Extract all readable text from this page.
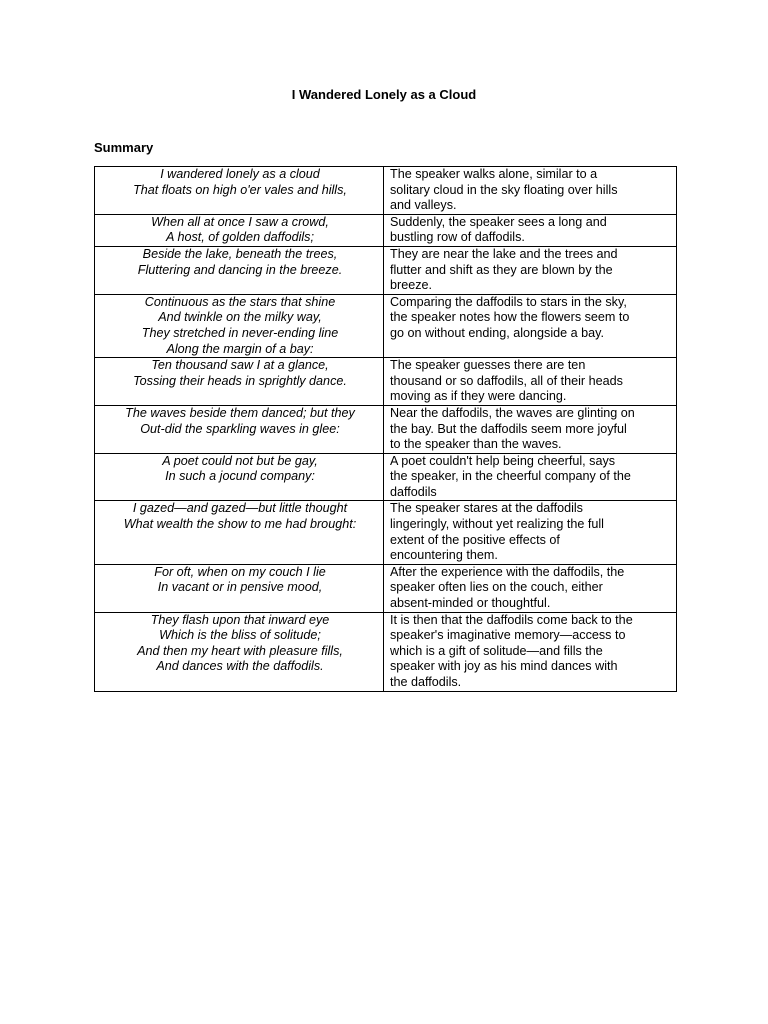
I Wandered Lonely as a Cloud
Summary
I wandered lonely as a cloud
That floats on high o'er vales and hills,	The speaker walks alone, similar to a
solitary cloud in the sky floating over hills
and valleys.

When all at once I saw a crowd,
A host, of golden daffodils;	Suddenly, the speaker sees a long and
bustling row of daffodils.

Beside the lake, beneath the trees,
Fluttering and dancing in the breeze.	They are near the lake and the trees and
flutter and shift as they are blown by the
breeze.

Continuous as the stars that shine
And twinkle on the milky way,
They stretched in never-ending line
Along the margin of a bay:	Comparing the daffodils to stars in the sky,
the speaker notes how the flowers seem to
go on without ending, alongside a bay.

Ten thousand saw I at a glance,
Tossing their heads in sprightly dance.	The speaker guesses there are ten
thousand or so daffodils, all of their heads
moving as if they were dancing.

The waves beside them danced; but they
Out-did the sparkling waves in glee:	Near the daffodils, the waves are glinting on
the bay. But the daffodils seem more joyful
to the speaker than the waves.

A poet could not but be gay,
In such a jocund company:	A poet couldn't help being cheerful, says
the speaker, in the cheerful company of the
daffodils

I gazed—and gazed—but little thought
What wealth the show to me had brought:	The speaker stares at the daffodils
lingeringly, without yet realizing the full
extent of the positive effects of
encountering them.

For oft, when on my couch I lie
In vacant or in pensive mood,	After the experience with the daffodils, the
speaker often lies on the couch, either
absent-minded or thoughtful.

They flash upon that inward eye
Which is the bliss of solitude;
And then my heart with pleasure fills,
And dances with the daffodils.	It is then that the daffodils come back to the
speaker's imaginative memory—access to
which is a gift of solitude—and fills the
speaker with joy as his mind dances with
the daffodils.
